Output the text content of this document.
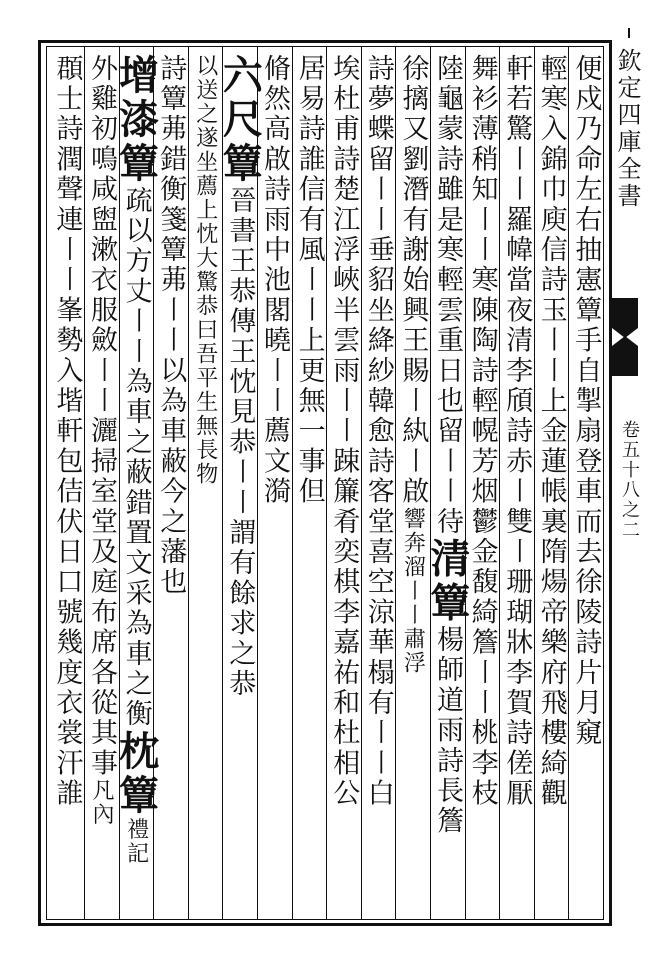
欽定四庫全書
卷五十八之二
便戍乃命左右抽憲簟手自掣扇登車而去徐陵詩片月窺
輕寒入錦巾庾信詩玉〡〡上金蓮帳裏隋煬帝樂府飛樓綺觀
軒若驚〡〡羅幃當夜清李頎詩赤〡雙〡珊瑚牀李賀詩傞厭
舞衫薄稍知〡〡寒陳陶詩輕幌芳烟鬱金馥綺簷〡〡桃李枝
陸龜蒙詩雖是寒輕雲重日也留〡〡待清簟楊師道雨詩長簷
徐摛又劉潛有謝始興王賜〡紈〡啟響奔溜〡〡肅浮
詩夢蝶留〡〡垂貂坐絳紗韓愈詩客堂喜空涼華榻有〡〡白
埃杜甫詩楚江浮峽半雲雨〡〡踈簾肴奕棋李嘉祐和杜相公
居易詩誰信有風〡〡上更無一事但
脩然高啟詩雨中池閣曉〡〡薦文漪
六尺簟晉書王恭傳王忱見恭〡〡謂有餘求之恭
以送之遂坐薦上忱大驚恭曰吾平生無長物
詩簟茀錯衡箋簟茀〡〡以為車蔽今之藩也
增漆簟疏以方丈〡〡為車之蔽錯置文采為車之衡枕簟禮記
外雞初鳴咸盥漱衣服斂〡〡灑掃室堂及庭布席各從其事凡內
頵士詩潤聲連〡〡峯勢入堦軒包佶伏日口號幾度衣裳汗誰
